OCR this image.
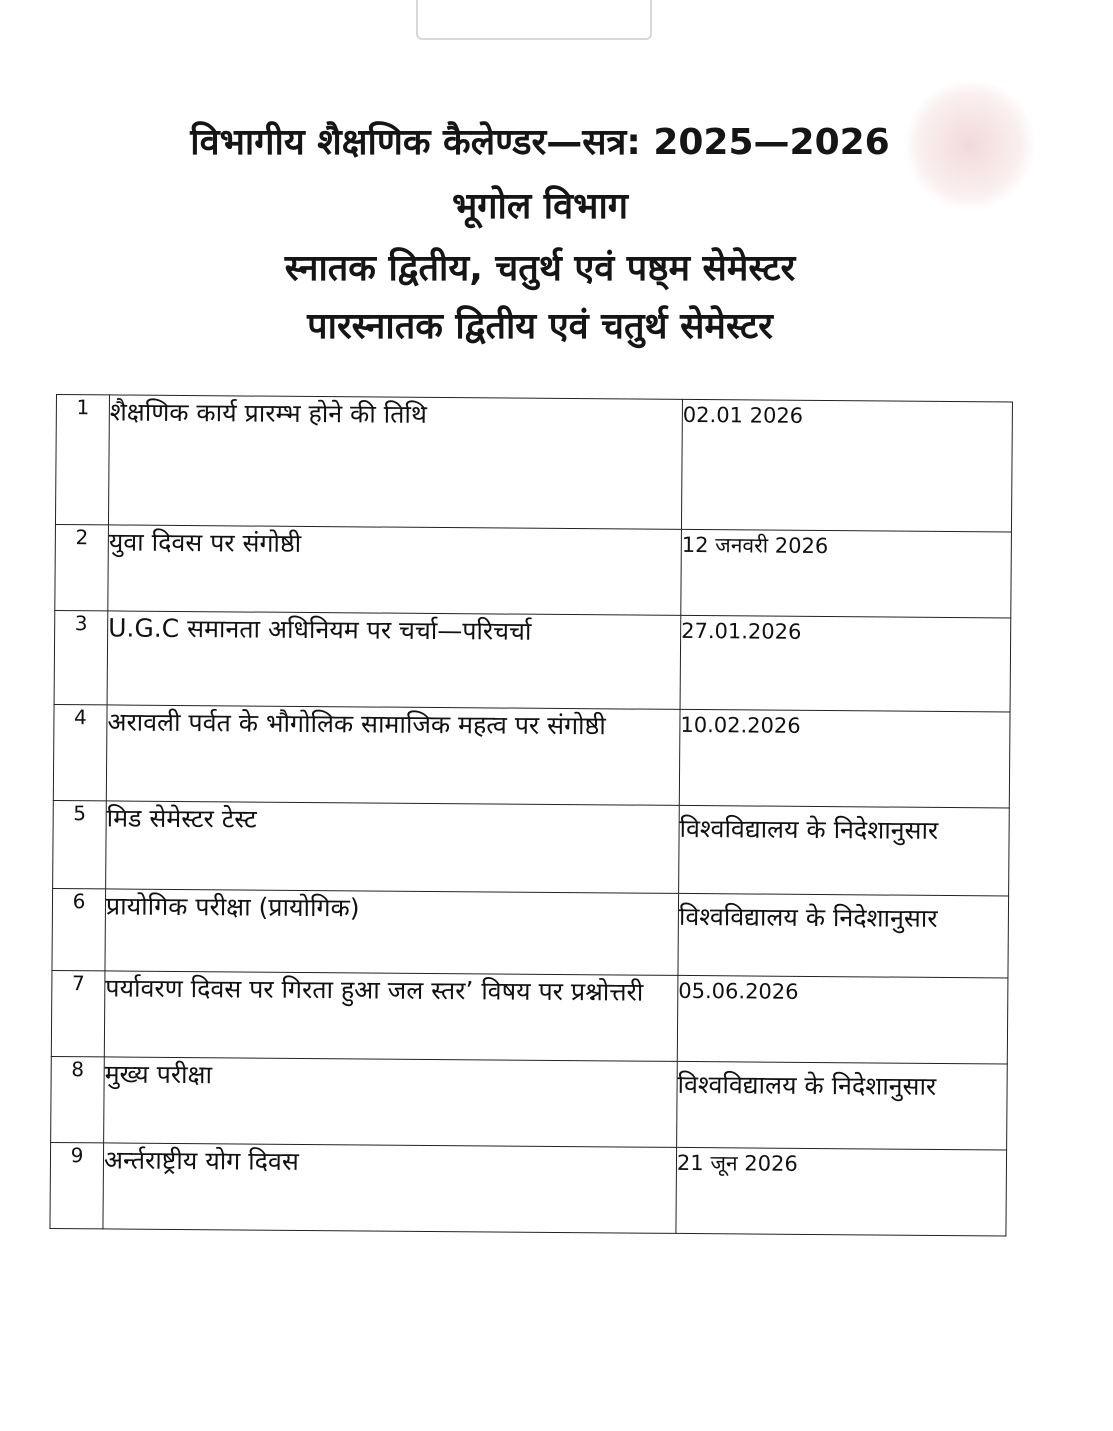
विभागीय शैक्षणिक कैलेण्डर—सत्र: 2025—2026
भूगोल विभाग
स्नातक द्वितीय, चतुर्थ एवं पष्ठ्म सेमेस्टर
पारस्नातक द्वितीय एवं चतुर्थ सेमेस्टर
1	शैक्षणिक कार्य प्रारम्भ होने की तिथि	02.01 2026
2	युवा दिवस पर संगोष्ठी	12 जनवरी 2026
3	U.G.C समानता अधिनियम पर चर्चा—परिचर्चा	27.01.2026
4	अरावली पर्वत के भौगोलिक सामाजिक महत्व पर संगोष्ठी	10.02.2026
5	मिड सेमेस्टर टेस्ट	विश्वविद्यालय के निदेशानुसार
6	प्रायोगिक परीक्षा (प्रायोगिक)	विश्वविद्यालय के निदेशानुसार
7	पर्यावरण दिवस पर गिरता हुआ जल स्तर’ विषय पर प्रश्नोत्तरी	05.06.2026
8	मुख्य परीक्षा	विश्वविद्यालय के निदेशानुसार
9	अर्न्तराष्ट्रीय योग दिवस	21 जून 2026
